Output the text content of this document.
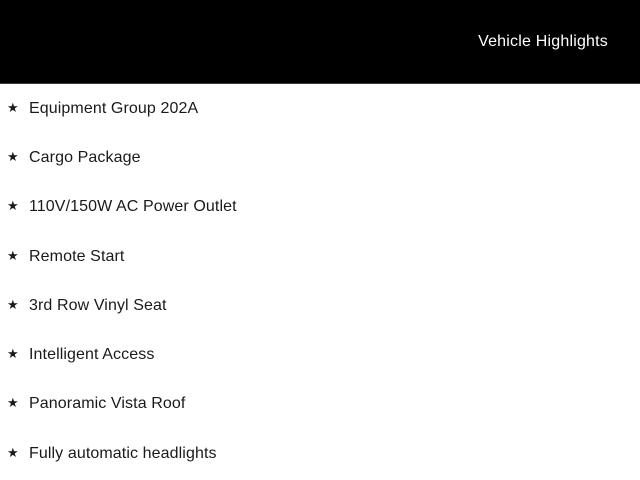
Vehicle Highlights
★ Equipment Group 202A
★ Cargo Package
★ 110V/150W AC Power Outlet
★ Remote Start
★ 3rd Row Vinyl Seat
★ Intelligent Access
★ Panoramic Vista Roof
★ Fully automatic headlights
